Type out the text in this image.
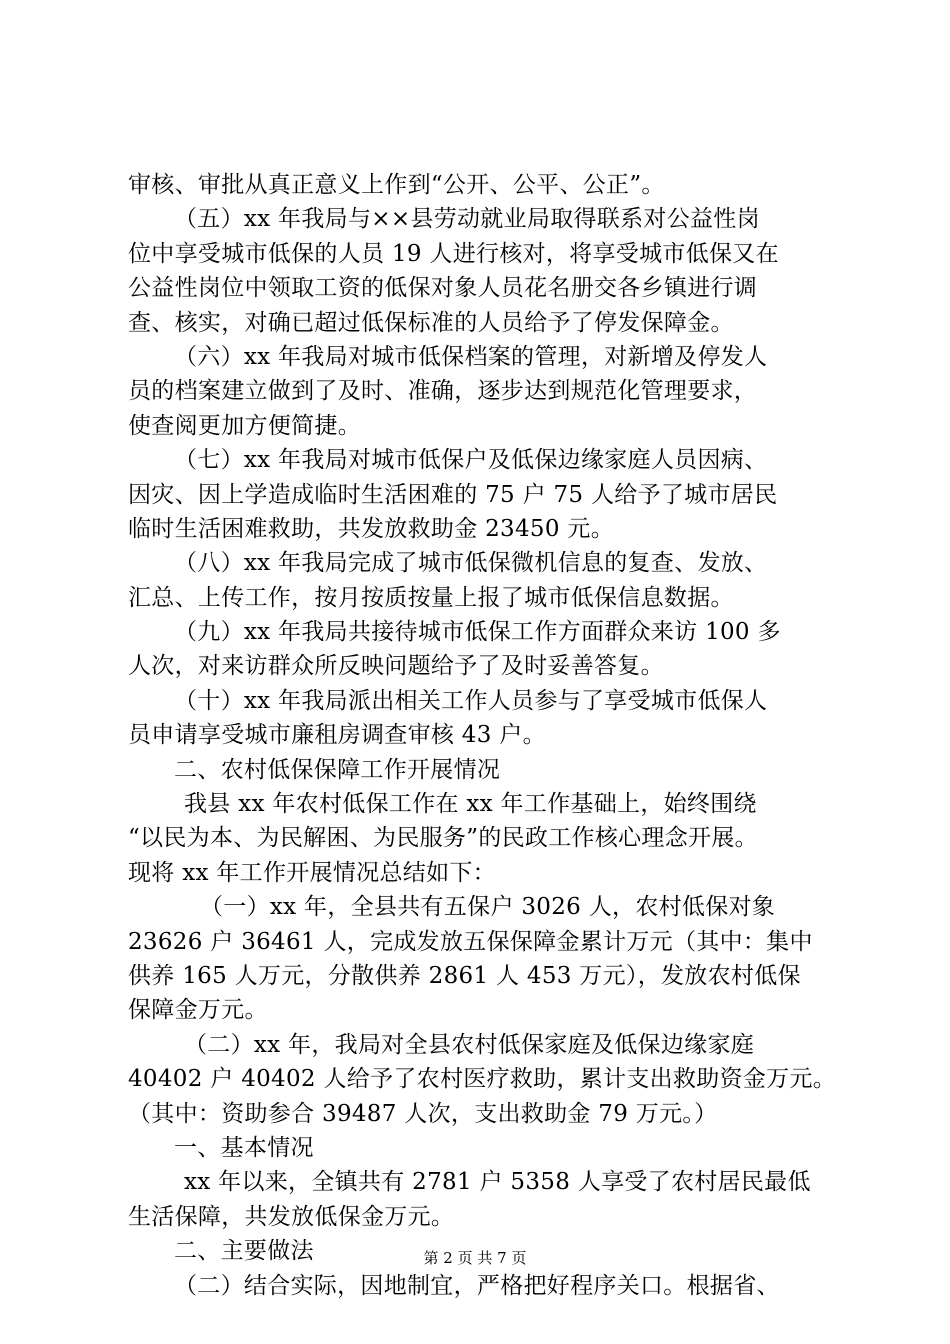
审核、审批从真正意义上作到“公开、公平、公正”。
（五）xx 年我局与××县劳动就业局取得联系对公益性岗
位中享受城市低保的人员 19 人进行核对，将享受城市低保又在
公益性岗位中领取工资的低保对象人员花名册交各乡镇进行调
查、核实，对确已超过低保标准的人员给予了停发保障金。
（六）xx 年我局对城市低保档案的管理，对新增及停发人
员的档案建立做到了及时、准确，逐步达到规范化管理要求，
使查阅更加方便简捷。
（七）xx 年我局对城市低保户及低保边缘家庭人员因病、
因灾、因上学造成临时生活困难的 75 户 75 人给予了城市居民
临时生活困难救助，共发放救助金 23450 元。
（八）xx 年我局完成了城市低保微机信息的复查、发放、
汇总、上传工作，按月按质按量上报了城市低保信息数据。
（九）xx 年我局共接待城市低保工作方面群众来访 100 多
人次，对来访群众所反映问题给予了及时妥善答复。
（十）xx 年我局派出相关工作人员参与了享受城市低保人
员申请享受城市廉租房调查审核 43 户。
二、农村低保保障工作开展情况
我县 xx 年农村低保工作在 xx 年工作基础上，始终围绕
“以民为本、为民解困、为民服务”的民政工作核心理念开展。
现将 xx 年工作开展情况总结如下：
（一）xx 年，全县共有五保户 3026 人，农村低保对象
23626 户 36461 人，完成发放五保保障金累计万元（其中：集中
供养 165 人万元，分散供养 2861 人 453 万元），发放农村低保
保障金万元。
（二）xx 年，我局对全县农村低保家庭及低保边缘家庭
40402 户 40402 人给予了农村医疗救助，累计支出救助资金万元。
（其中：资助参合 39487 人次，支出救助金 79 万元。）
一、基本情况
xx 年以来，全镇共有 2781 户 5358 人享受了农村居民最低
生活保障，共发放低保金万元。
二、主要做法
（二）结合实际，因地制宜，严格把好程序关口。根据省、
第 2 页 共 7 页
